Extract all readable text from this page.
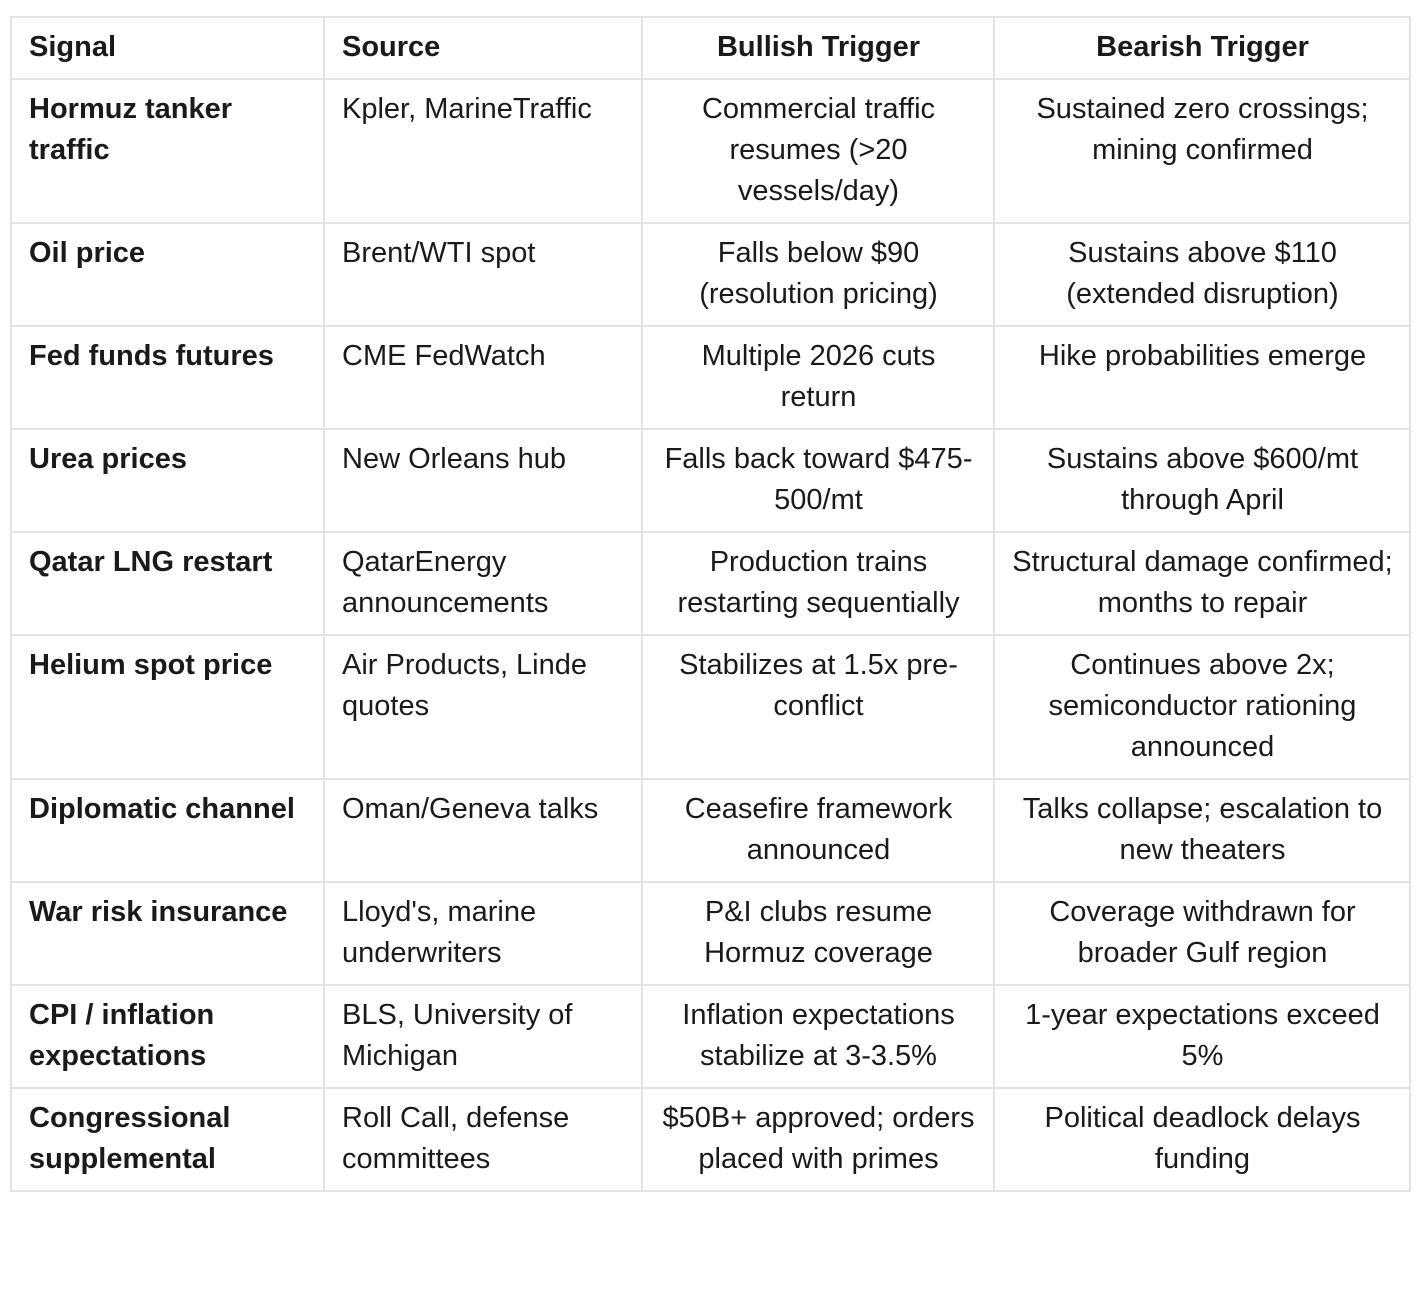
Signal	Source	Bullish Trigger	Bearish Trigger
Hormuz tanker traffic	Kpler, MarineTraffic	Commercial traffic resumes (>20 vessels/day)	Sustained zero crossings; mining confirmed
Oil price	Brent/WTI spot	Falls below $90 (resolution pricing)	Sustains above $110 (extended disruption)
Fed funds futures	CME FedWatch	Multiple 2026 cuts return	Hike probabilities emerge
Urea prices	New Orleans hub	Falls back toward $475-500/mt	Sustains above $600/mt through April
Qatar LNG restart	QatarEnergy announcements	Production trains restarting sequentially	Structural damage confirmed; months to repair
Helium spot price	Air Products, Linde quotes	Stabilizes at 1.5x pre-conflict	Continues above 2x; semiconductor rationing announced
Diplomatic channel	Oman/Geneva talks	Ceasefire framework announced	Talks collapse; escalation to new theaters
War risk insurance	Lloyd's, marine underwriters	P&I clubs resume Hormuz coverage	Coverage withdrawn for broader Gulf region
CPI / inflation expectations	BLS, University of Michigan	Inflation expectations stabilize at 3-3.5%	1-year expectations exceed 5%
Congressional supplemental	Roll Call, defense committees	$50B+ approved; orders placed with primes	Political deadlock delays funding
